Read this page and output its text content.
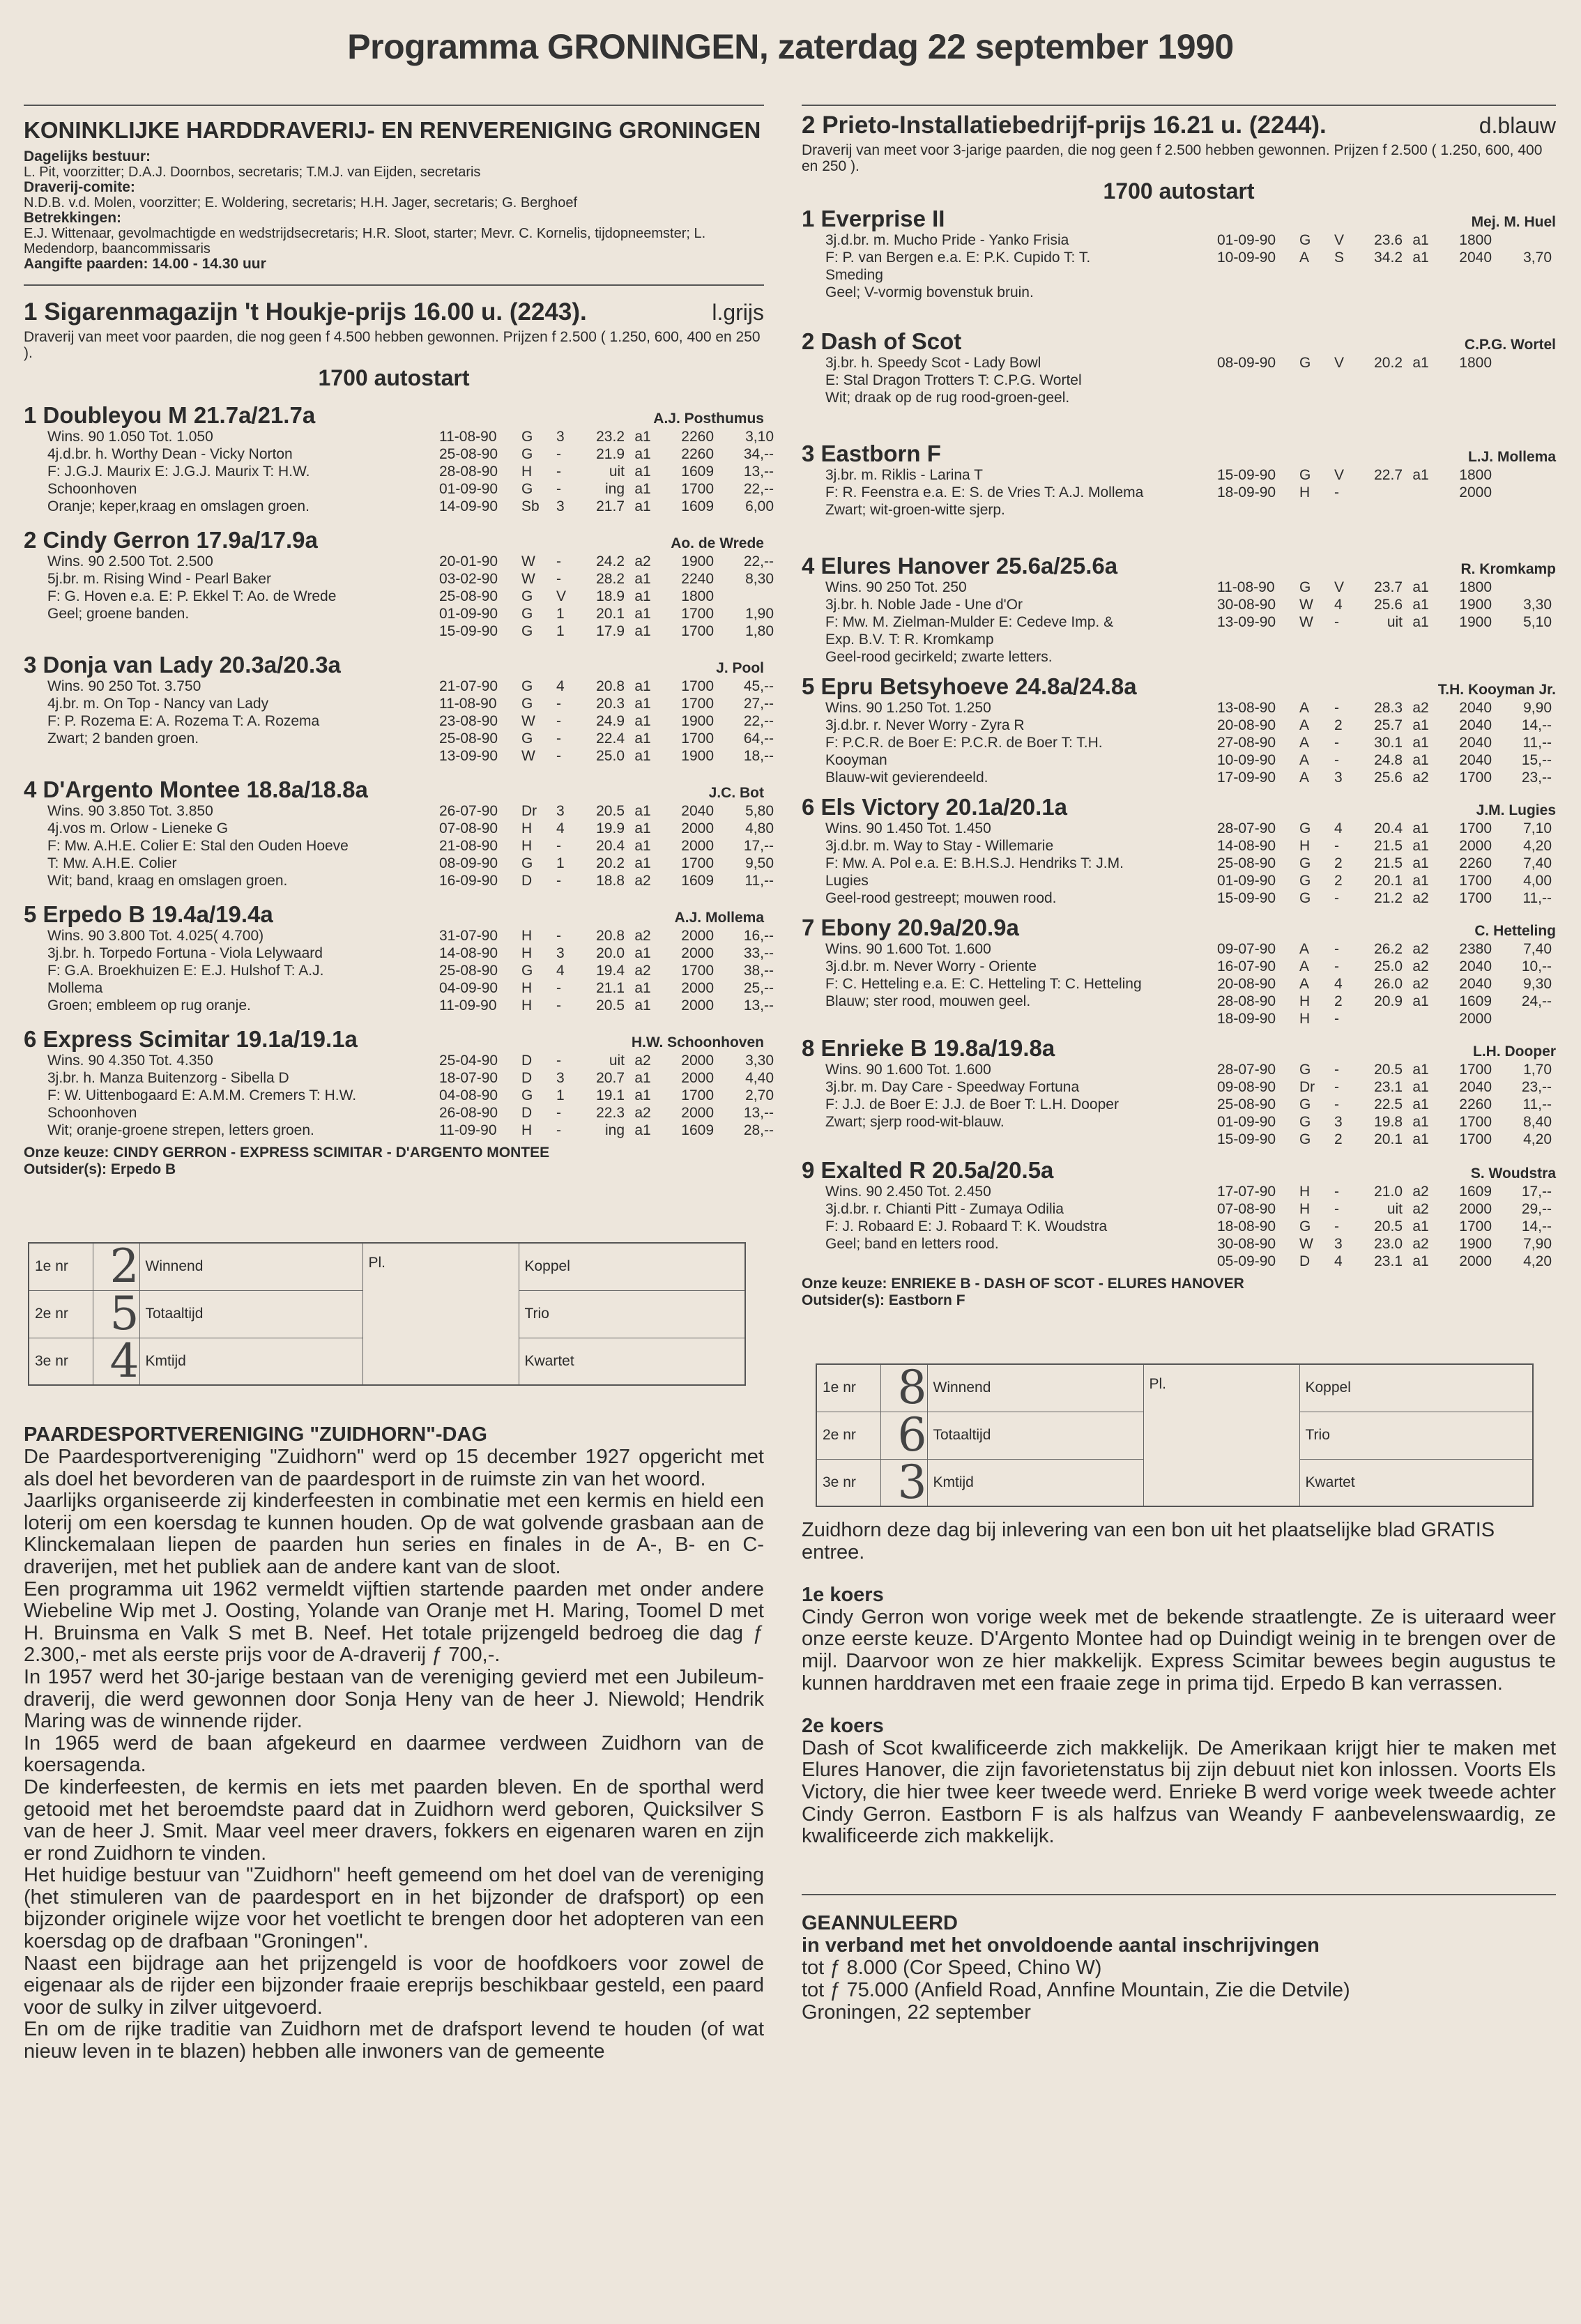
Programma GRONINGEN, zaterdag 22 september 1990
KONINKLIJKE HARDDRAVERIJ- EN RENVERENIGING GRONINGEN
Dagelijks bestuur:
L. Pit, voorzitter; D.A.J. Doornbos, secretaris; T.M.J. van Eijden, secretaris
Draverij-comite:
N.D.B. v.d. Molen, voorzitter; E. Woldering, secretaris; H.H. Jager, secretaris; G. Berghoef
Betrekkingen:
E.J. Wittenaar, gevolmachtigde en wedstrijdsecretaris; H.R. Sloot, starter; Mevr. C. Kornelis, tijdopneemster; L. Medendorp, baancommissaris
Aangifte paarden: 14.00 - 14.30 uur
1 Sigarenmagazijn 't Houkje-prijs 16.00 u. (2243).	l.grijs
Draverij van meet voor paarden, die nog geen f 4.500 hebben gewonnen. Prijzen f 2.500 ( 1.250, 600, 400 en 250 ).
1700 autostart
1 Doubleyou M 21.7a/21.7a	A.J. Posthumus
Wins. 90 1.050 Tot. 1.050
4j.d.br. h. Worthy Dean - Vicky Norton
F: J.G.J. Maurix E: J.G.J. Maurix T: H.W.
Schoonhoven
Oranje; keper,kraag en omslagen groen.
11-08-90	G	3	23.2 a1	2260	3,10
25-08-90	G	-	21.9 a1	2260	34,--
28-08-90	H	-	uit a1	1609	13,--
01-09-90	G	-	ing a1	1700	22,--
14-09-90	Sb	3	21.7 a1	1609	6,00
2 Cindy Gerron 17.9a/17.9a	Ao. de Wrede
Wins. 90 2.500 Tot. 2.500
5j.br. m. Rising Wind - Pearl Baker
F: G. Hoven e.a. E: P. Ekkel T: Ao. de Wrede
Geel; groene banden.
20-01-90	W	-	24.2 a2	1900	22,--
03-02-90	W	-	28.2 a1	2240	8,30
25-08-90	G	V	18.9 a1	1800
01-09-90	G	1	20.1 a1	1700	1,90
15-09-90	G	1	17.9 a1	1700	1,80
3 Donja van Lady 20.3a/20.3a	J. Pool
Wins. 90 250 Tot. 3.750
4j.br. m. On Top - Nancy van Lady
F: P. Rozema E: A. Rozema T: A. Rozema
Zwart; 2 banden groen.
21-07-90	G	4	20.8 a1	1700	45,--
11-08-90	G	-	20.3 a1	1700	27,--
23-08-90	W	-	24.9 a1	1900	22,--
25-08-90	G	-	22.4 a1	1700	64,--
13-09-90	W	-	25.0 a1	1900	18,--
4 D'Argento Montee 18.8a/18.8a	J.C. Bot
Wins. 90 3.850 Tot. 3.850
4j.vos m. Orlow - Lieneke G
F: Mw. A.H.E. Colier E: Stal den Ouden Hoeve
T: Mw. A.H.E. Colier
Wit; band, kraag en omslagen groen.
26-07-90	Dr	3	20.5 a1	2040	5,80
07-08-90	H	4	19.9 a1	2000	4,80
21-08-90	H	-	20.4 a1	2000	17,--
08-09-90	G	1	20.2 a1	1700	9,50
16-09-90	D	-	18.8 a2	1609	11,--
5 Erpedo B 19.4a/19.4a	A.J. Mollema
Wins. 90 3.800 Tot. 4.025( 4.700)
3j.br. h. Torpedo Fortuna - Viola Lelywaard
F: G.A. Broekhuizen E: E.J. Hulshof T: A.J.
Mollema
Groen; embleem op rug oranje.
31-07-90	H	-	20.8 a2	2000	16,--
14-08-90	H	3	20.0 a1	2000	33,--
25-08-90	G	4	19.4 a2	1700	38,--
04-09-90	H	-	21.1 a1	2000	25,--
11-09-90	H	-	20.5 a1	2000	13,--
6 Express Scimitar 19.1a/19.1a	H.W. Schoonhoven
Wins. 90 4.350 Tot. 4.350
3j.br. h. Manza Buitenzorg - Sibella D
F: W. Uittenbogaard E: A.M.M. Cremers T: H.W.
Schoonhoven
Wit; oranje-groene strepen, letters groen.
25-04-90	D	-	uit a2	2000	3,30
18-07-90	D	3	20.7 a1	2000	4,40
04-08-90	G	1	19.1 a1	1700	2,70
26-08-90	D	-	22.3 a2	2000	13,--
11-09-90	H	-	ing a1	1609	28,--
Onze keuze: CINDY GERRON - EXPRESS SCIMITAR - D'ARGENTO MONTEE
Outsider(s): Erpedo B
1e nr	2	Winnend	Pl.	Koppel
2e nr	5	Totaaltijd		Trio
3e nr	4	Kmtijd		Kwartet
PAARDESPORTVERENIGING "ZUIDHORN"-DAG
De Paardesportvereniging "Zuidhorn" werd op 15 december 1927 opgericht met als doel het bevorderen van de paardesport in de ruimste zin van het woord.
Jaarlijks organiseerde zij kinderfeesten in combinatie met een kermis en hield een loterij om een koersdag te kunnen houden. Op de wat golvende grasbaan aan de Klinckemalaan liepen de paarden hun series en finales in de A-, B- en C-draverijen, met het publiek aan de andere kant van de sloot.
Een programma uit 1962 vermeldt vijftien startende paarden met onder andere Wiebeline Wip met J. Oosting, Yolande van Oranje met H. Maring, Toomel D met H. Bruinsma en Valk S met B. Neef. Het totale prijzengeld bedroeg die dag ƒ 2.300,- met als eerste prijs voor de A-draverij ƒ 700,-.
In 1957 werd het 30-jarige bestaan van de vereniging gevierd met een Jubileum-draverij, die werd gewonnen door Sonja Heny van de heer J. Niewold; Hendrik Maring was de winnende rijder.
In 1965 werd de baan afgekeurd en daarmee verdween Zuidhorn van de koersagenda.
De kinderfeesten, de kermis en iets met paarden bleven. En de sporthal werd getooid met het beroemdste paard dat in Zuidhorn werd geboren, Quicksilver S van de heer J. Smit. Maar veel meer dravers, fokkers en eigenaren waren en zijn er rond Zuidhorn te vinden.
Het huidige bestuur van "Zuidhorn" heeft gemeend om het doel van de vereniging (het stimuleren van de paardesport en in het bijzonder de drafsport) op een bijzonder originele wijze voor het voetlicht te brengen door het adopteren van een koersdag op de drafbaan "Groningen".
Naast een bijdrage aan het prijzengeld is voor de hoofdkoers voor zowel de eigenaar als de rijder een bijzonder fraaie ereprijs beschikbaar gesteld, een paard voor de sulky in zilver uitgevoerd.
En om de rijke traditie van Zuidhorn met de drafsport levend te houden (of wat nieuw leven in te blazen) hebben alle inwoners van de gemeente
2 Prieto-Installatiebedrijf-prijs 16.21 u. (2244).	d.blauw
Draverij van meet voor 3-jarige paarden, die nog geen f 2.500 hebben gewonnen. Prijzen f 2.500 ( 1.250, 600, 400 en 250 ).
1700 autostart
1 Everprise II	Mej. M. Huel
3j.d.br. m. Mucho Pride - Yanko Frisia
F: P. van Bergen e.a. E: P.K. Cupido T: T.
Smeding
Geel; V-vormig bovenstuk bruin.
01-09-90	G	V	23.6 a1	1800
10-09-90	A	S	34.2 a1	2040	3,70
2 Dash of Scot	C.P.G. Wortel
3j.br. h. Speedy Scot - Lady Bowl
E: Stal Dragon Trotters T: C.P.G. Wortel
Wit; draak op de rug rood-groen-geel.
08-09-90	G	V	20.2 a1	1800
3 Eastborn F	L.J. Mollema
3j.br. m. Riklis - Larina T
F: R. Feenstra e.a. E: S. de Vries T: A.J. Mollema
Zwart; wit-groen-witte sjerp.
15-09-90	G	V	22.7 a1	1800
18-09-90	H	-	2000
4 Elures Hanover 25.6a/25.6a	R. Kromkamp
Wins. 90 250 Tot. 250
3j.br. h. Noble Jade - Une d'Or
F: Mw. M. Zielman-Mulder E: Cedeve Imp. &
Exp. B.V. T: R. Kromkamp
Geel-rood gecirkeld; zwarte letters.
11-08-90	G	V	23.7 a1	1800
30-08-90	W	4	25.6 a1	1900	3,30
13-09-90	W	-	uit a1	1900	5,10
5 Epru Betsyhoeve 24.8a/24.8a	T.H. Kooyman Jr.
Wins. 90 1.250 Tot. 1.250
3j.d.br. r. Never Worry - Zyra R
F: P.C.R. de Boer E: P.C.R. de Boer T: T.H.
Kooyman
Blauw-wit gevierendeeld.
13-08-90	A	-	28.3 a2	2040	9,90
20-08-90	A	2	25.7 a1	2040	14,--
27-08-90	A	-	30.1 a1	2040	11,--
10-09-90	A	-	24.8 a1	2040	15,--
17-09-90	A	3	25.6 a2	1700	23,--
6 Els Victory 20.1a/20.1a	J.M. Lugies
Wins. 90 1.450 Tot. 1.450
3j.d.br. m. Way to Stay - Willemarie
F: Mw. A. Pol e.a. E: B.H.S.J. Hendriks T: J.M.
Lugies
Geel-rood gestreept; mouwen rood.
28-07-90	G	4	20.4 a1	1700	7,10
14-08-90	H	-	21.5 a1	2000	4,20
25-08-90	G	2	21.5 a1	2260	7,40
01-09-90	G	2	20.1 a1	1700	4,00
15-09-90	G	-	21.2 a2	1700	11,--
7 Ebony 20.9a/20.9a	C. Hetteling
Wins. 90 1.600 Tot. 1.600
3j.d.br. m. Never Worry - Oriente
F: C. Hetteling e.a. E: C. Hetteling T: C. Hetteling
Blauw; ster rood, mouwen geel.
09-07-90	A	-	26.2 a2	2380	7,40
16-07-90	A	-	25.0 a2	2040	10,--
20-08-90	A	4	26.0 a2	2040	9,30
28-08-90	H	2	20.9 a1	1609	24,--
18-09-90	H	-	2000
8 Enrieke B 19.8a/19.8a	L.H. Dooper
Wins. 90 1.600 Tot. 1.600
3j.br. m. Day Care - Speedway Fortuna
F: J.J. de Boer E: J.J. de Boer T: L.H. Dooper
Zwart; sjerp rood-wit-blauw.
28-07-90	G	-	20.5 a1	1700	1,70
09-08-90	Dr	-	23.1 a1	2040	23,--
25-08-90	G	-	22.5 a1	2260	11,--
01-09-90	G	3	19.8 a1	1700	8,40
15-09-90	G	2	20.1 a1	1700	4,20
9 Exalted R 20.5a/20.5a	S. Woudstra
Wins. 90 2.450 Tot. 2.450
3j.d.br. r. Chianti Pitt - Zumaya Odilia
F: J. Robaard E: J. Robaard T: K. Woudstra
Geel; band en letters rood.
17-07-90	H	-	21.0 a2	1609	17,--
07-08-90	H	-	uit a2	2000	29,--
18-08-90	G	-	20.5 a1	1700	14,--
30-08-90	W	3	23.0 a2	1900	7,90
05-09-90	D	4	23.1 a1	2000	4,20
Onze keuze: ENRIEKE B - DASH OF SCOT - ELURES HANOVER
Outsider(s): Eastborn F
1e nr	8	Winnend	Pl.	Koppel
2e nr	6	Totaaltijd		Trio
3e nr	3	Kmtijd		Kwartet
Zuidhorn deze dag bij inlevering van een bon uit het plaatselijke blad GRATIS entree.
1e koers
Cindy Gerron won vorige week met de bekende straatlengte. Ze is uiteraard weer onze eerste keuze. D'Argento Montee had op Duindigt weinig in te brengen over de mijl. Daarvoor won ze hier makkelijk. Express Scimitar bewees begin augustus te kunnen harddraven met een fraaie zege in prima tijd. Erpedo B kan verrassen.
2e koers
Dash of Scot kwalificeerde zich makkelijk. De Amerikaan krijgt hier te maken met Elures Hanover, die zijn favorietenstatus bij zijn debuut niet kon inlossen. Voorts Els Victory, die hier twee keer tweede werd. Enrieke B werd vorige week tweede achter Cindy Gerron. Eastborn F is als halfzus van Weandy F aanbevelenswaardig, ze kwalificeerde zich makkelijk.
GEANNULEERD
in verband met het onvoldoende aantal inschrijvingen
tot ƒ 8.000 (Cor Speed, Chino W)
tot ƒ 75.000 (Anfield Road, Annfine Mountain, Zie die Detvile)
Groningen, 22 september
